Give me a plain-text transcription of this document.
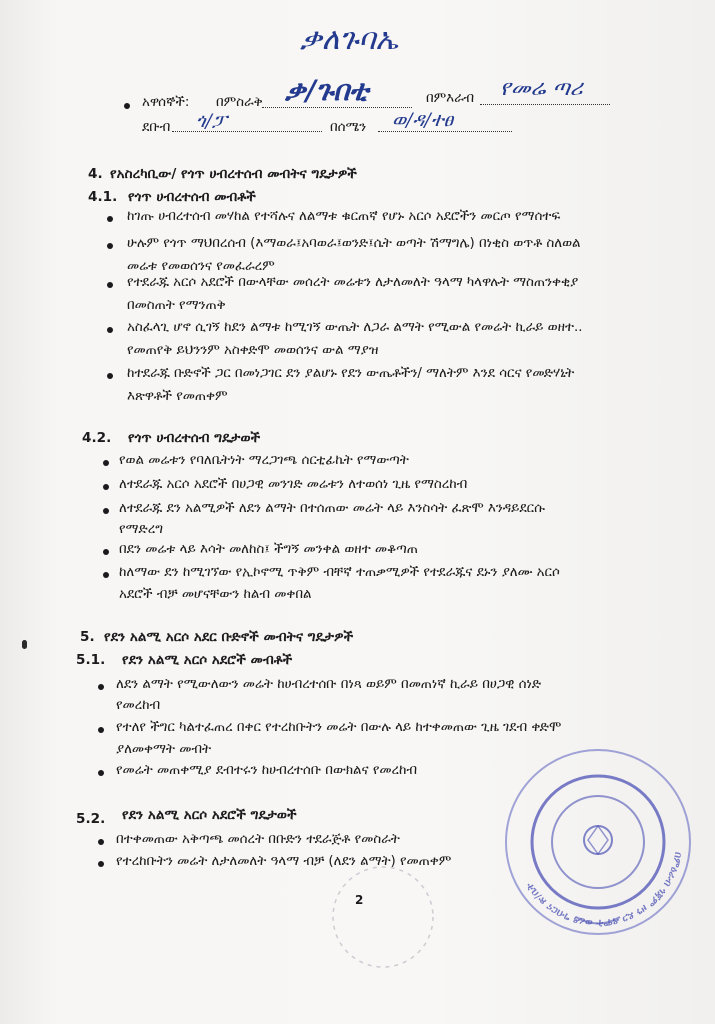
ቃለጉባኤ
አዋሰኞች: በምስራቅ ቃ/ጉበቲ	በምእራብ የመሬ ጣሪ
ደቡብ ጎ/ፓ	በሰሜን ወ/ዳ/ተፀ
4. የአስረካቢው/ የጎጥ ሀብረተሰብ መብትና ግዴታዎች
4.1. የጎጥ ሀብረተሰብ መብቶች
ከገጡ ሀብረተሰብ መሃከል የተሻሉና ለልማቱ ቁርጠኛ የሆኑ አርሶ አደሮችን መርጦ የማሰተፍ
ሁሉም የጎጥ ማህበረሰብ (እማወራ፤አባወራ፤ወንድ፤ሴት ወጣት ሽማግሌ) በነቂስ ወጥቶ ስለወል
መሬቱ የመወሰንና የመፈራረም
የተደራጁ አርሶ አደሮች በውላቸው መሰረት መሬቱን ለታለመለት ዓላማ ካላዋሉት ማስጠንቀቂያ
በመስጠት የማንጠቅ
አስፈላጊ ሆኖ ሲገኝ ከደን ልማቱ ከሚገኝ ውጤት ለጋራ ልማት የሚውል የመሬት ኪራይ ወዘተ..
የመጠየቅ ይህንንም አስቀድሞ መወሰንና ውል ማያዝ
ከተደራጁ ቡድኖች ጋር በመነጋገር ደን ያልሆኑ የደን ውጤቶችን/ ማለትም እንደ ሳርና የመድሃኒት
እጽዋቶች የመጠቀም
4.2. የጎጥ ሀብረተሰብ ግዴታወች
የወል መሬቱን የባለቤትነት ማረጋገጫ ሰርቲፊኬት የማውጣት
ለተደራጁ አርሶ አደሮች በሀጋዊ መንገድ መሬቱን ለተወሰነ ጊዜ የማስረከብ
ለተደራጁ ደን አልሚዎች ለደን ልማት በተሰጠው መሬት ላይ እንስሳት ፈጽሞ እንዳይደርሱ
የማድረግ
በደን መሬቱ ላይ እሳት መለከስ፤ ችግኝ መንቀል ወዘተ መቆጣጠ
ከለማው ደን ከሚገኘው የኢኮኖሚ ጥቅም ብቸኛ ተጠቃሚዎች የተደራጁና ደኑን ያለሙ አርሶ
አደሮች ብቻ መሆናቸውን ከልብ መቀበል
5. የደን አልሚ አርሶ አደር ቡድኖች መብትና ግዴታዎች
5.1. የደን አልሚ አርሶ አደሮች መብቶች
ለደን ልማት የሚውለውን መሬት ከሀብረተሰቡ በነጻ ወይም በመጠነኛ ኪራይ በሀጋዊ ሰነድ
የመረከብ
የተለየ ችግር ካልተፈጠረ በቀር የተረከቡትን መሬት በውሉ ላይ ከተቀመጠው ጊዜ ገደብ ቀድሞ
ያለመቀማት መብት
የመሬት መጠቀሚያ ደብተሩን ከሀብረተሰቡ በውክልና የመረከብ
5.2. የደን አልሚ አርሶ አደሮች ግዴታወች
በተቀመጠው አቅጣጫ መሰረት በቡድን ተደራጅቶ የመስራት
የተረከቡትን መሬት ለታለመለት ዓላማ ብቻ (ለደን ልማት) የመጠቀም
2
በምዕራብ ጎጃም ዞን ደጋ ዳሞት ወረዳ ግብርና ጽ/ቤት
